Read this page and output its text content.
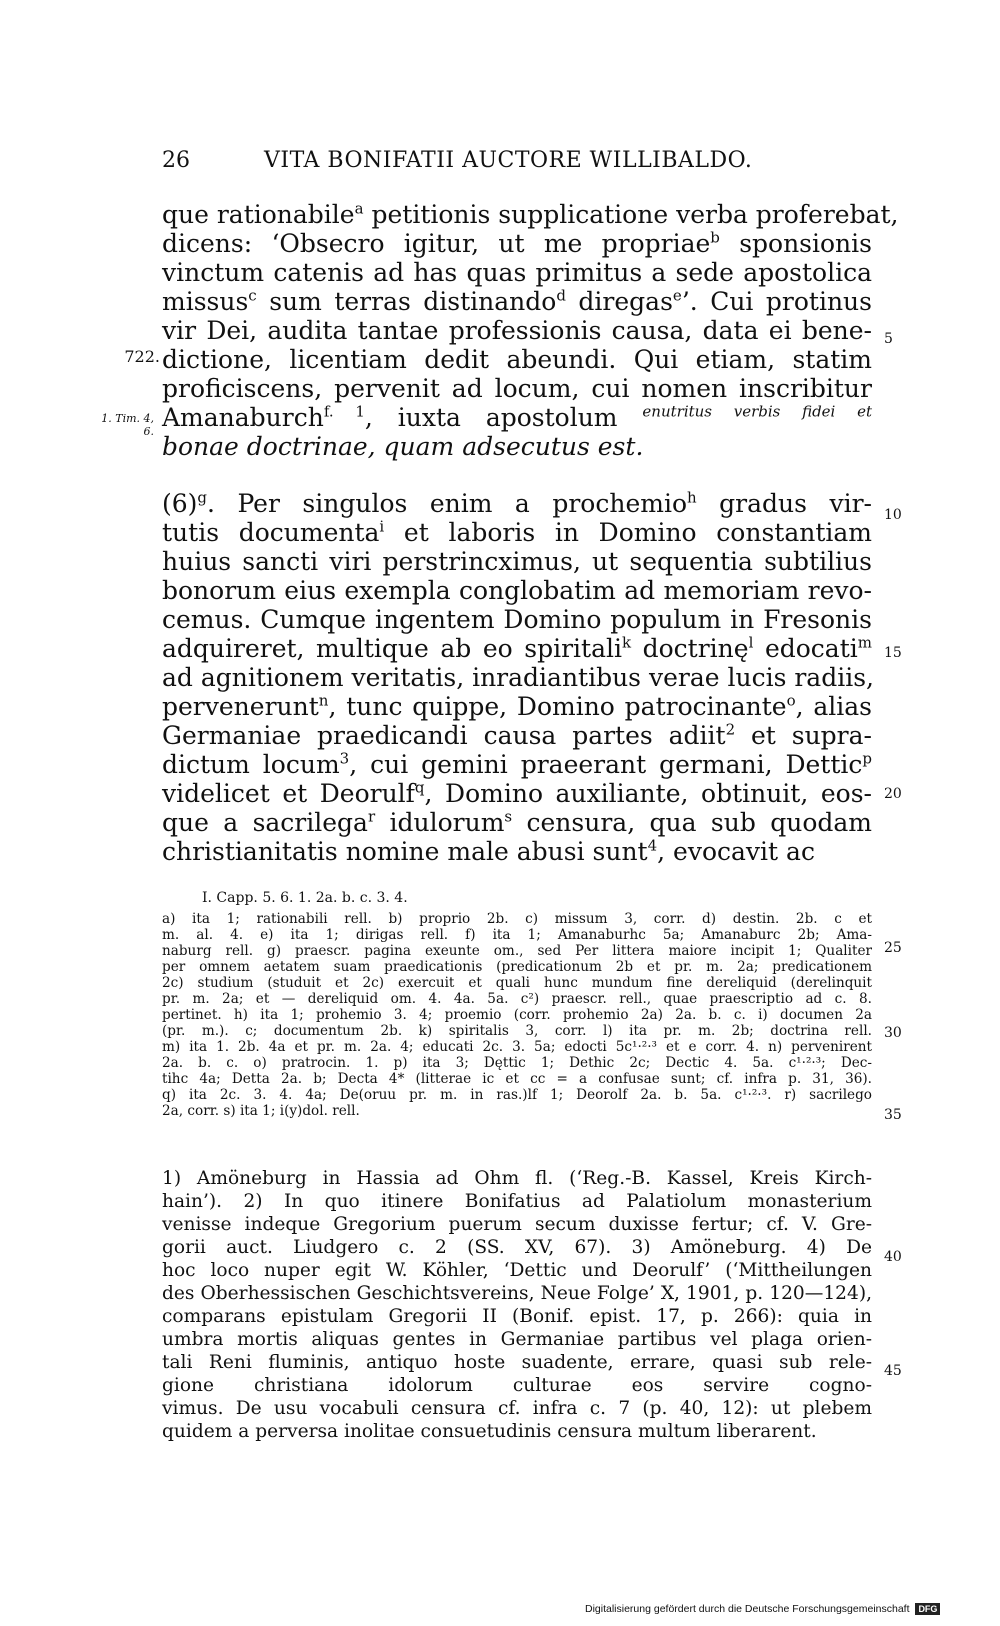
26	VITA BONIFATII AUCTORE WILLIBALDO.
722.
1. Tim. 4, 6.
que rationabile$^a$ petitionis supplicatione verba proferebat,
dicens: ‘Obsecro igitur, ut me propriae$^b$ sponsionis
vinctum catenis ad has quas primitus a sede apostolica
missus$^c$ sum terras distinando$^d$ diregas$^e$’. Cui protinus
vir Dei, audita tantae professionis causa, data ei bene-
dictione, licentiam dedit abeundi. Qui etiam, statim
proficiscens, pervenit ad locum, cui nomen inscribitur
Amanaburch$^{f. 1}$, iuxta apostolum $^{enutritus verbis fidei et}$
bonae doctrinae, quam adsecutus est.
$(6)^g$. Per singulos enim a prochemio$^h$ gradus vir-
tutis documenta$^i$ et laboris in Domino constantiam
huius sancti viri perstrincximus, ut sequentia subtilius
bonorum eius exempla conglobatim ad memoriam revo-
cemus. Cumque ingentem Domino populum in Fresonis
adquireret, multique ab eo spiritali$^k$ doctrinę$^l$ edocati$^m$
ad agnitionem veritatis, inradiantibus verae lucis radiis,
pervenerunt$^n$, tunc quippe, Domino patrocinante$^o$, alias
Germaniae praedicandi causa partes adiit$^2$ et supra-
dictum locum$^3$, cui gemini praeerant germani, Dettic$^p$
videlicet et Deorulf$^q$, Domino auxiliante, obtinuit, eos-
que a sacrilega$^r$ idulorum$^s$ censura, qua sub quodam
christianitatis nomine male abusi sunt$^4$, evocavit ac
I. Capp. 5. 6. 1. 2a. b. c. 3. 4.
a) ita 1; rationabili rell. b) proprio 2b. c) missum 3, corr. d) destin. 2b. c et
m. al. 4. e) ita 1; dirigas rell. f) ita 1; Amanaburhc 5a; Amanaburc 2b; Ama-
naburg rell. g) praescr. pagina exeunte om., sed Per littera maiore incipit 1; Qualiter
per omnem aetatem suam praedicationis (predicationum 2b et pr. m. 2a; predicationem
2c) studium (studuit et 2c) exercuit et quali hunc mundum fine dereliquid (derelinquit
pr. m. 2a; et — dereliquid om. 4. 4a. 5a. c²) praescr. rell., quae praescriptio ad c. 8.
pertinet. h) ita 1; prohemio 3. 4; proemio (corr. prohemio 2a) 2a. b. c. i) documen 2a
(pr. m.). c; documentum 2b. k) spiritalis 3, corr. l) ita pr. m. 2b; doctrina rell.
m) ita 1. 2b. 4a et pr. m. 2a. 4; educati 2c. 3. 5a; edocti 5c¹·²·³ et e corr. 4. n) pervenirent
2a. b. c. o) pratrocin. 1. p) ita 3; Dęttic 1; Dethic 2c; Dectic 4. 5a. c¹·²·³; Dec-
tihc 4a; Detta 2a. b; Decta 4* (litterae ic et cc = a confusae sunt; cf. infra p. 31, 36).
q) ita 2c. 3. 4. 4a; De(oruu pr. m. in ras.)lf 1; Deorolf 2a. b. 5a. c¹·²·³. r) sacrilego
2a, corr. s) ita 1; i(y)dol. rell.
1) Amöneburg in Hassia ad Ohm fl. (‘Reg.-B. Kassel, Kreis Kirch-
hain’). 2) In quo itinere Bonifatius ad Palatiolum monasterium
venisse indeque Gregorium puerum secum duxisse fertur; cf. V. Gre-
gorii auct. Liudgero c. 2 (SS. XV, 67). 3) Amöneburg. 4) De
hoc loco nuper egit W. Köhler, ‘Dettic und Deorulf’ (‘Mittheilungen
des Oberhessischen Geschichtsvereins, Neue Folge’ X, 1901, p. 120—124),
comparans epistulam Gregorii II (Bonif. epist. 17, p. 266): quia in
umbra mortis aliquas gentes in Germaniae partibus vel plaga orien-
tali Reni fluminis, antiquo hoste suadente, errare, quasi sub rele-
gione christiana idolorum culturae eos servire cogno-
vimus. De usu vocabuli censura cf. infra c. 7 (p. 40, 12): ut plebem
quidem a perversa inolitae consuetudinis censura multum liberarent.
5
10
15
20
25
30
35
40
45
Digitalisierung gefördert durch die Deutsche Forschungsgemeinschaft DFG
